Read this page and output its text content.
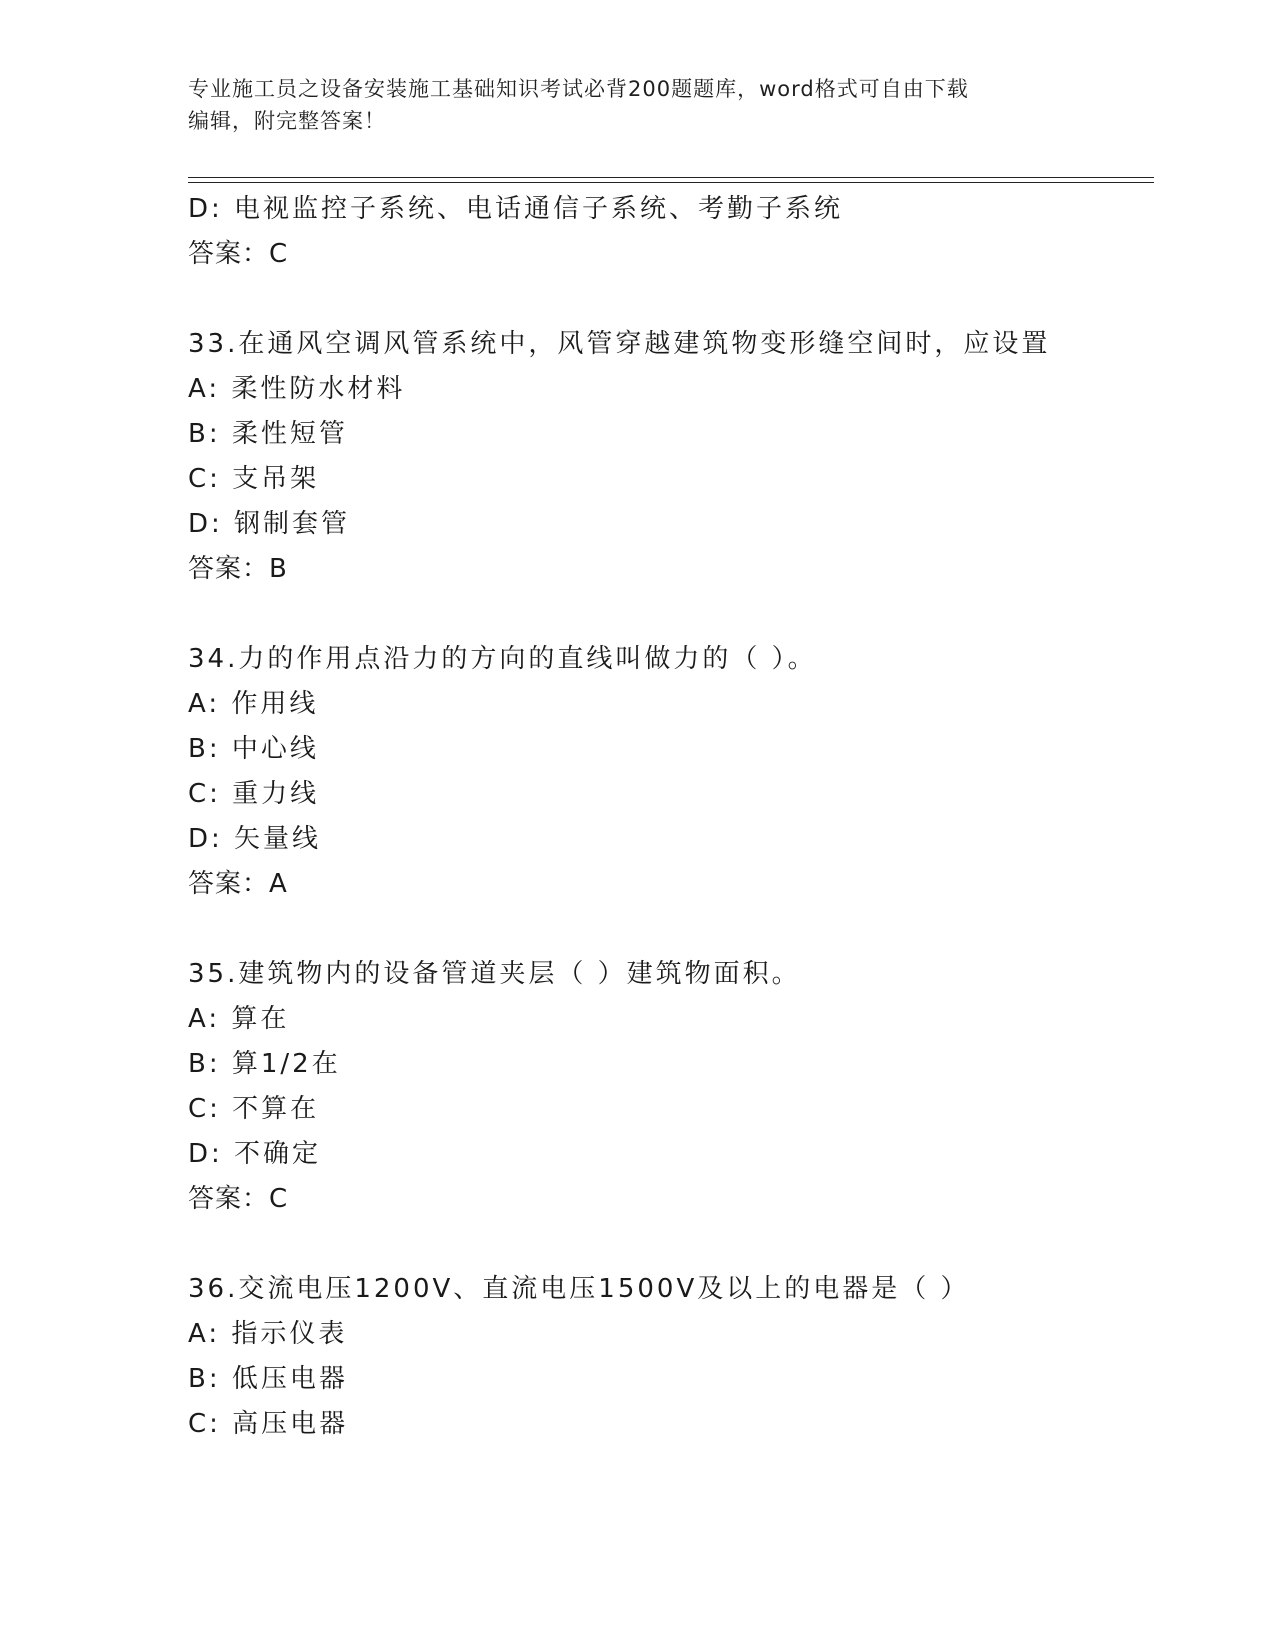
专业施工员之设备安装施工基础知识考试必背200题题库，word格式可自由下载
编辑，附完整答案！
D: 电视监控子系统、电话通信子系统、考勤子系统
答案：C
33.在通风空调风管系统中，风管穿越建筑物变形缝空间时，应设置
A: 柔性防水材料
B: 柔性短管
C: 支吊架
D: 钢制套管
答案：B
34.力的作用点沿力的方向的直线叫做力的（ ）。
A: 作用线
B: 中心线
C: 重力线
D: 矢量线
答案：A
35.建筑物内的设备管道夹层（ ）建筑物面积。
A: 算在
B: 算1/2在
C: 不算在
D: 不确定
答案：C
36.交流电压1200V、直流电压1500V及以上的电器是（ ）
A: 指示仪表
B: 低压电器
C: 高压电器
